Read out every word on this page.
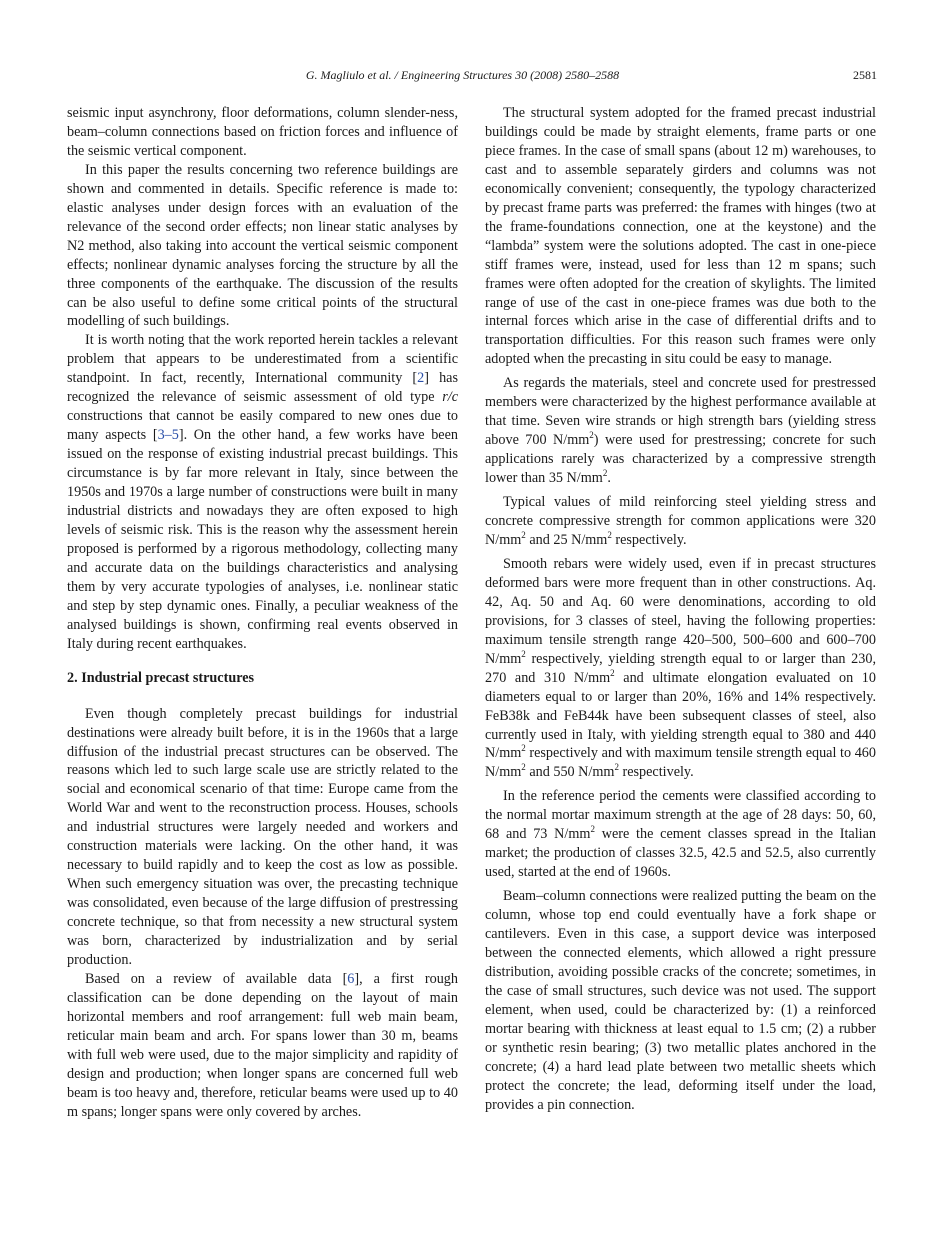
G. Magliulo et al. / Engineering Structures 30 (2008) 2580–2588	2581

seismic input asynchrony, floor deformations, column slender-ness, beam–column connections based on friction forces and influence of the seismic vertical component.

In this paper the results concerning two reference buildings are shown and commented in details. Specific reference is made to: elastic analyses under design forces with an evaluation of the relevance of the second order effects; non linear static analyses by N2 method, also taking into account the vertical seismic component effects; nonlinear dynamic analyses forcing the structure by all the three components of the earthquake. The discussion of the results can be also useful to define some critical points of the structural modelling of such buildings.

It is worth noting that the work reported herein tackles a relevant problem that appears to be underestimated from a scientific standpoint. In fact, recently, International community [2] has recognized the relevance of seismic assessment of old type r/c constructions that cannot be easily compared to new ones due to many aspects [3–5]. On the other hand, a few works have been issued on the response of existing industrial precast buildings. This circumstance is by far more relevant in Italy, since between the 1950s and 1970s a large number of constructions were built in many industrial districts and nowadays they are often exposed to high levels of seismic risk. This is the reason why the assessment herein proposed is performed by a rigorous methodology, collecting many and accurate data on the buildings characteristics and analysing them by very accurate typologies of analyses, i.e. nonlinear static and step by step dynamic ones. Finally, a peculiar weakness of the analysed buildings is shown, confirming real events observed in Italy during recent earthquakes.

2. Industrial precast structures

Even though completely precast buildings for industrial destinations were already built before, it is in the 1960s that a large diffusion of the industrial precast structures can be observed. The reasons which led to such large scale use are strictly related to the social and economical scenario of that time: Europe came from the World War and went to the reconstruction process. Houses, schools and industrial structures were largely needed and workers and construction materials were lacking. On the other hand, it was necessary to build rapidly and to keep the cost as low as possible. When such emergency situation was over, the precasting technique was consolidated, even because of the large diffusion of prestressing concrete technique, so that from necessity a new structural system was born, characterized by industrialization and by serial production.

Based on a review of available data [6], a first rough classification can be done depending on the layout of main horizontal members and roof arrangement: full web main beam, reticular main beam and arch. For spans lower than 30 m, beams with full web were used, due to the major simplicity and rapidity of design and production; when longer spans are concerned full web beam is too heavy and, therefore, reticular beams were used up to 40 m spans; longer spans were only covered by arches.

The structural system adopted for the framed precast industrial buildings could be made by straight elements, frame parts or one piece frames. In the case of small spans (about 12 m) warehouses, to cast and to assemble separately girders and columns was not economically convenient; consequently, the typology characterized by precast frame parts was preferred: the frames with hinges (two at the frame-foundations connection, one at the keystone) and the “lambda” system were the solutions adopted. The cast in one-piece stiff frames were, instead, used for less than 12 m spans; such frames were often adopted for the creation of skylights. The limited range of use of the cast in one-piece frames was due both to the internal forces which arise in the case of differential drifts and to transportation difficulties. For this reason such frames were only adopted when the precasting in situ could be easy to manage.

As regards the materials, steel and concrete used for prestressed members were characterized by the highest performance available at that time. Seven wire strands or high strength bars (yielding stress above 700 $N/mm^2$) were used for prestressing; concrete for such applications rarely was characterized by a compressive strength lower than 35 $N/mm^2$.

Typical values of mild reinforcing steel yielding stress and concrete compressive strength for common applications were 320 $N/mm^2$ and 25 $N/mm^2$ respectively.

Smooth rebars were widely used, even if in precast structures deformed bars were more frequent than in other constructions. Aq. 42, Aq. 50 and Aq. 60 were denominations, according to old provisions, for 3 classes of steel, having the following properties: maximum tensile strength range 420–500, 500–600 and 600–700 $N/mm^2$ respectively, yielding strength equal to or larger than 230, 270 and 310 $N/mm^2$ and ultimate elongation evaluated on 10 diameters equal to or larger than 20%, 16% and 14% respectively. FeB38k and FeB44k have been subsequent classes of steel, also currently used in Italy, with yielding strength equal to 380 and 440 $N/mm^2$ respectively and with maximum tensile strength equal to 460 $N/mm^2$ and 550 $N/mm^2$ respectively.

In the reference period the cements were classified according to the normal mortar maximum strength at the age of 28 days: 50, 60, 68 and 73 $N/mm^2$ were the cement classes spread in the Italian market; the production of classes 32.5, 42.5 and 52.5, also currently used, started at the end of 1960s.

Beam–column connections were realized putting the beam on the column, whose top end could eventually have a fork shape or cantilevers. Even in this case, a support device was interposed between the connected elements, which allowed a right pressure distribution, avoiding possible cracks of the concrete; sometimes, in the case of small structures, such device was not used. The support element, when used, could be characterized by: (1) a reinforced mortar bearing with thickness at least equal to 1.5 cm; (2) a rubber or synthetic resin bearing; (3) two metallic plates anchored in the concrete; (4) a hard lead plate between two metallic sheets which protect the concrete; the lead, deforming itself under the load, provides a pin connection.
